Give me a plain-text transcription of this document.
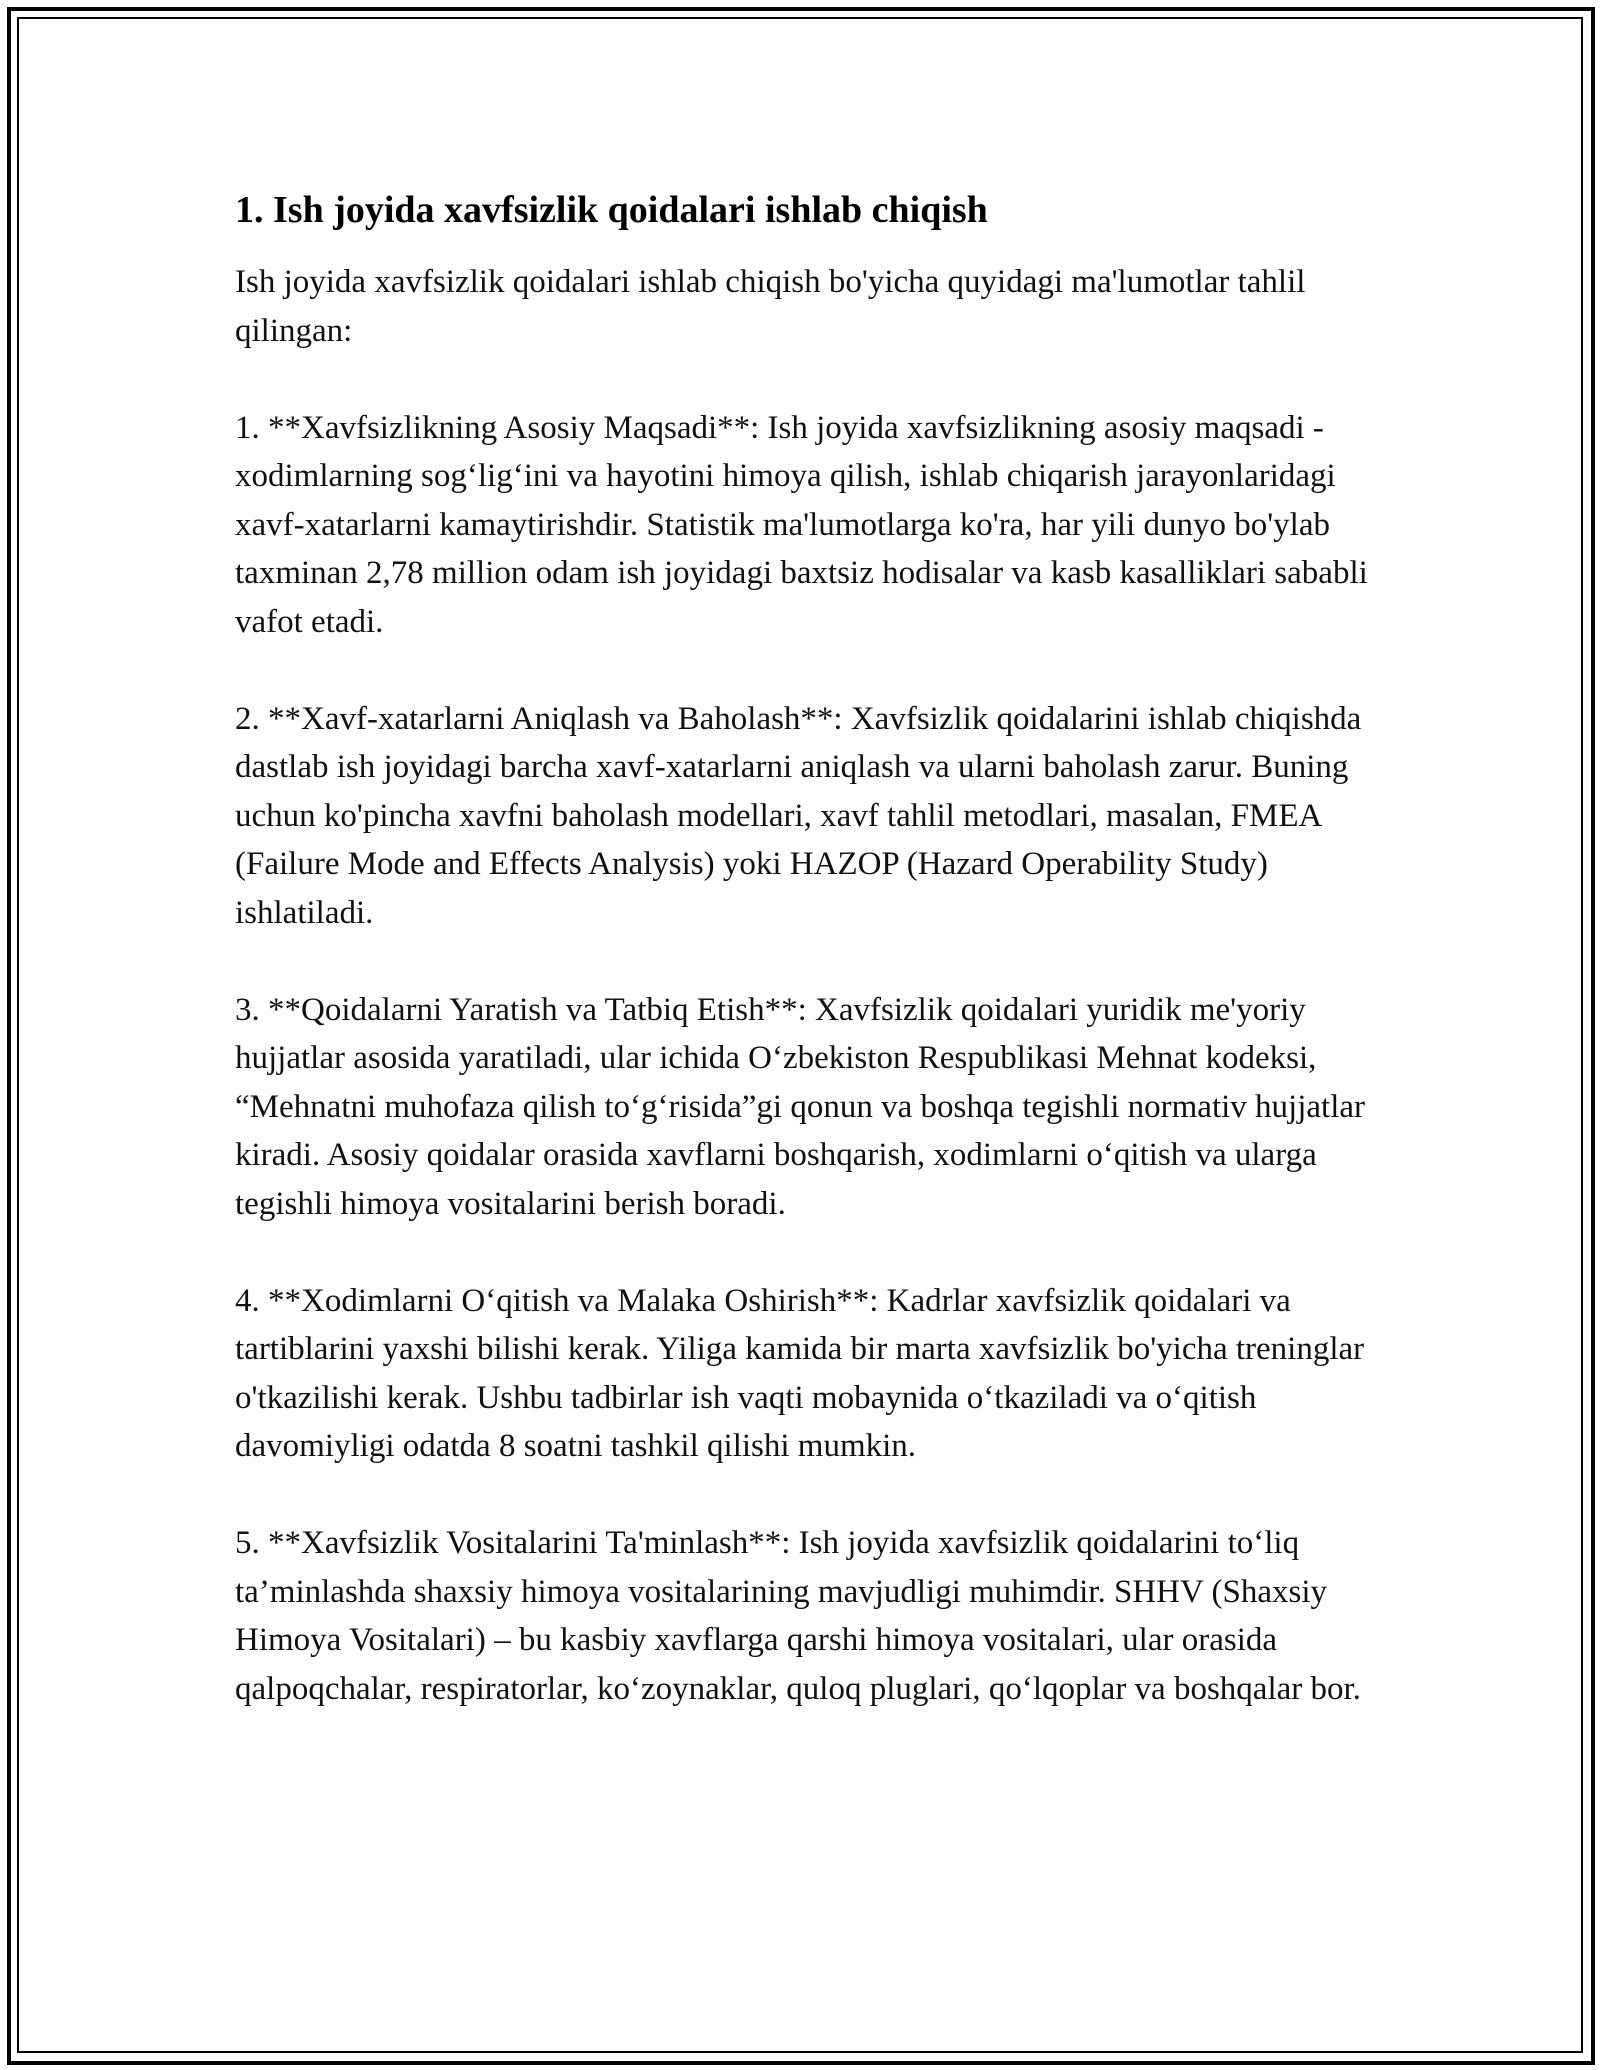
1. Ish joyida xavfsizlik qoidalari ishlab chiqish

Ish joyida xavfsizlik qoidalari ishlab chiqish bo'yicha quyidagi ma'lumotlar tahlil qilingan:

1. **Xavfsizlikning Asosiy Maqsadi**: Ish joyida xavfsizlikning asosiy maqsadi - xodimlarning sog‘lig‘ini va hayotini himoya qilish, ishlab chiqarish jarayonlaridagi xavf-xatarlarni kamaytirishdir. Statistik ma'lumotlarga ko'ra, har yili dunyo bo'ylab taxminan 2,78 million odam ish joyidagi baxtsiz hodisalar va kasb kasalliklari sababli vafot etadi.

2. **Xavf-xatarlarni Aniqlash va Baholash**: Xavfsizlik qoidalarini ishlab chiqishda dastlab ish joyidagi barcha xavf-xatarlarni aniqlash va ularni baholash zarur. Buning uchun ko'pincha xavfni baholash modellari, xavf tahlil metodlari, masalan, FMEA (Failure Mode and Effects Analysis) yoki HAZOP (Hazard Operability Study) ishlatiladi.

3. **Qoidalarni Yaratish va Tatbiq Etish**: Xavfsizlik qoidalari yuridik me'yoriy hujjatlar asosida yaratiladi, ular ichida O‘zbekiston Respublikasi Mehnat kodeksi, “Mehnatni muhofaza qilish to‘g‘risida”gi qonun va boshqa tegishli normativ hujjatlar kiradi. Asosiy qoidalar orasida xavflarni boshqarish, xodimlarni o‘qitish va ularga tegishli himoya vositalarini berish boradi.

4. **Xodimlarni O‘qitish va Malaka Oshirish**: Kadrlar xavfsizlik qoidalari va tartiblarini yaxshi bilishi kerak. Yiliga kamida bir marta xavfsizlik bo'yicha treninglar o'tkazilishi kerak. Ushbu tadbirlar ish vaqti mobaynida o‘tkaziladi va o‘qitish davomiyligi odatda 8 soatni tashkil qilishi mumkin.

5. **Xavfsizlik Vositalarini Ta'minlash**: Ish joyida xavfsizlik qoidalarini to‘liq ta’minlashda shaxsiy himoya vositalarining mavjudligi muhimdir. SHHV (Shaxsiy Himoya Vositalari) – bu kasbiy xavflarga qarshi himoya vositalari, ular orasida qalpoqchalar, respiratorlar, ko‘zoynaklar, quloq pluglari, qo‘lqoplar va boshqalar bor.
